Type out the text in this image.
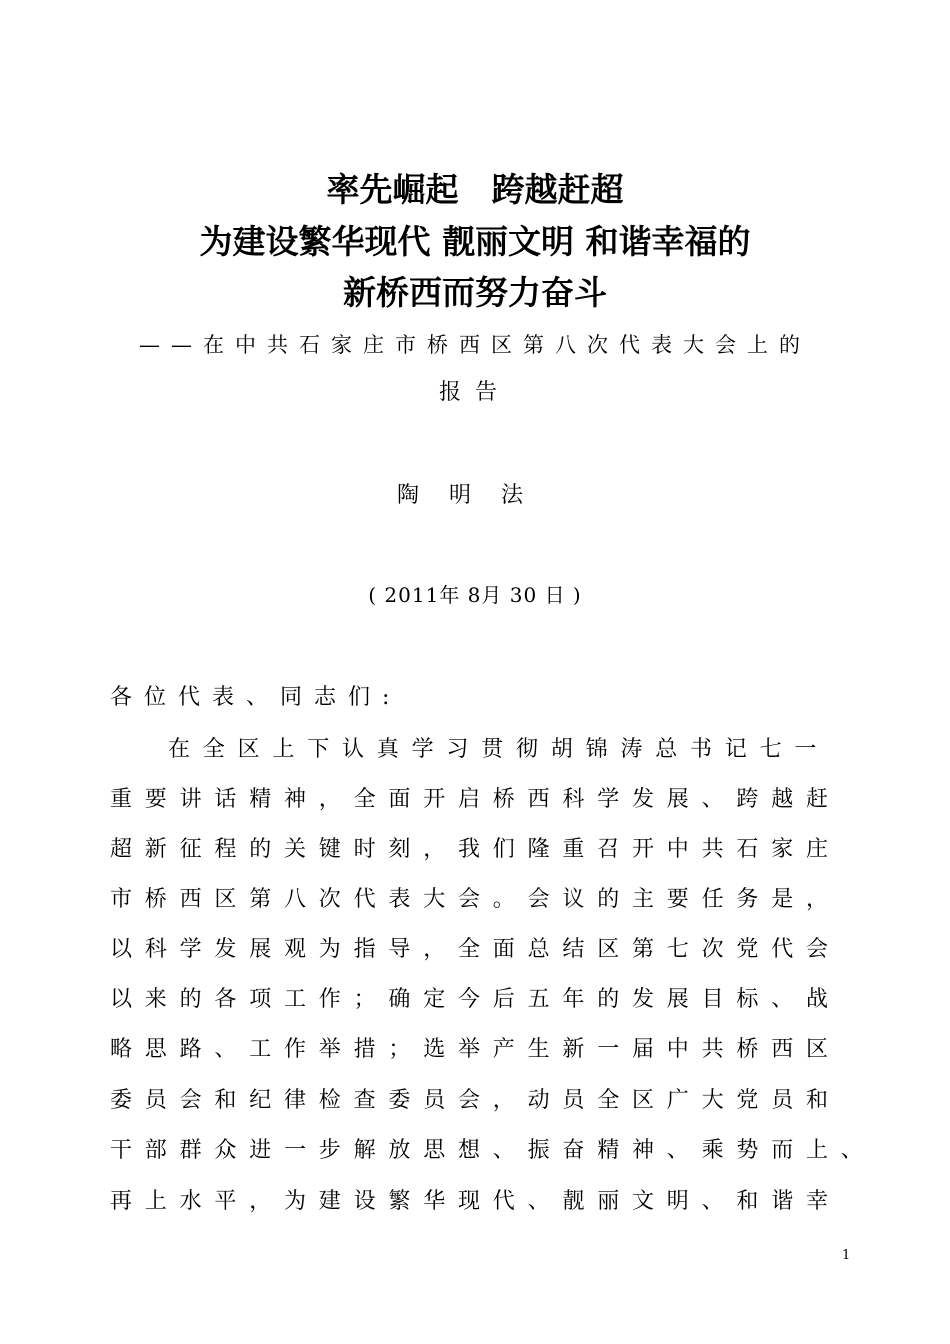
率先崛起　跨越赶超
为建设繁华现代 靓丽文明 和谐幸福的
新桥西而努力奋斗

——在中共石家庄市桥西区第八次代表大会上的

报告

陶明法

( 2011年 8月 30 日 )

各位代表、同志们:

在全区上下认真学习贯彻胡锦涛总书记七一

重要讲话精神，全面开启桥西科学发展、跨越赶

超新征程的关键时刻，我们隆重召开中共石家庄

市桥西区第八次代表大会。会议的主要任务是，

以科学发展观为指导，全面总结区第七次党代会

以来的各项工作；确定今后五年的发展目标、战

略思路、工作举措；选举产生新一届中共桥西区

委员会和纪律检查委员会，动员全区广大党员和

干部群众进一步解放思想、振奋精神、乘势而上、

再上水平，为建设繁华现代、靓丽文明、和谐幸

1
